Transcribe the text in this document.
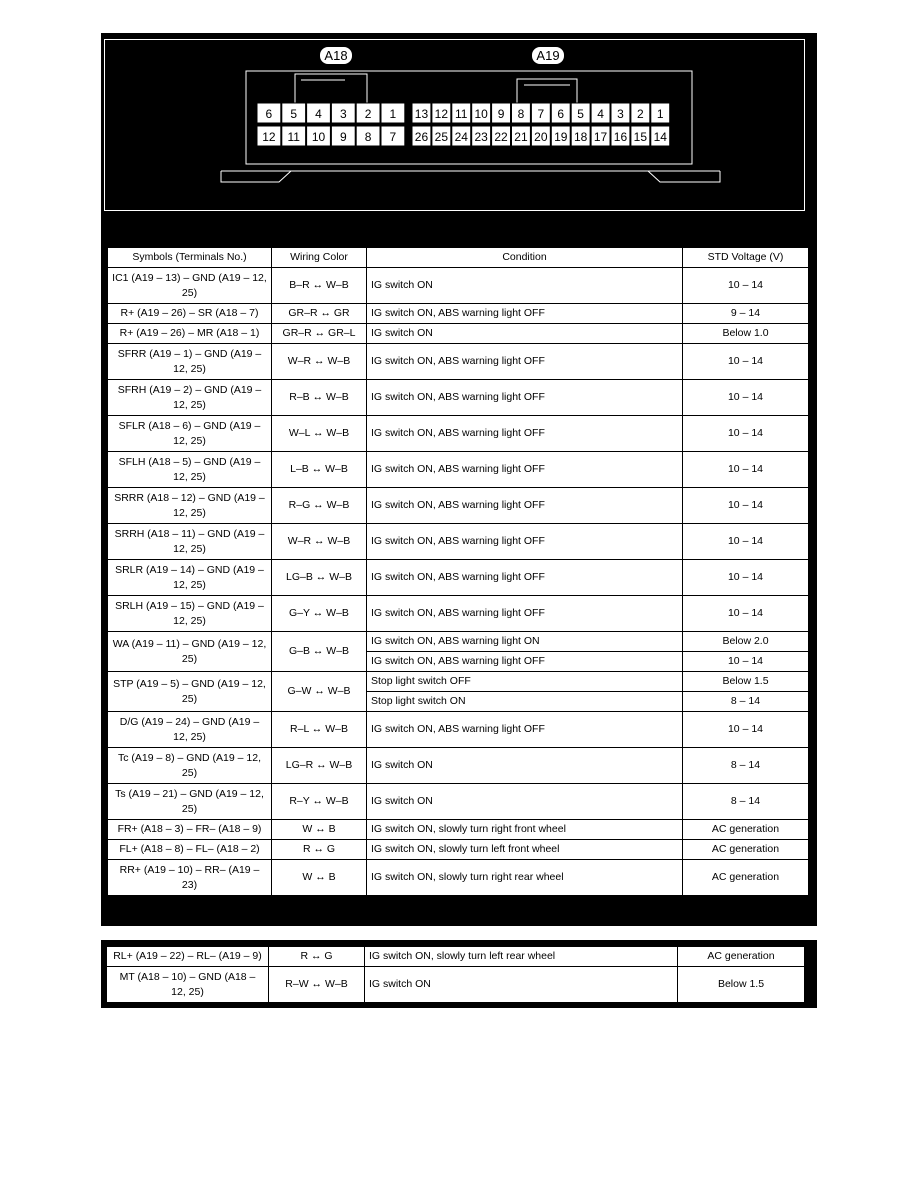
A18	A19
6 5 4 3 2 1
12 11 10 9 8 7
13 12 11 10 9 8 7 6 5 4 3 2 1
26 25 24 23 22 21 20 19 18 17 16 15 14
Symbols (Terminals No.)	Wiring Color	Condition	STD Voltage (V)
IC1 (A19 – 13) – GND (A19 – 12, 25)	B–R ↔ W–B	IG switch ON	10 – 14
R+ (A19 – 26) – SR (A18 – 7)	GR–R ↔ GR	IG switch ON, ABS warning light OFF	9 – 14
R+ (A19 – 26) – MR (A18 – 1)	GR–R ↔ GR–L	IG switch ON	Below 1.0
SFRR (A19 – 1) – GND (A19 – 12, 25)	W–R ↔ W–B	IG switch ON, ABS warning light OFF	10 – 14
SFRH (A19 – 2) – GND (A19 – 12, 25)	R–B ↔ W–B	IG switch ON, ABS warning light OFF	10 – 14
SFLR (A18 – 6) – GND (A19 – 12, 25)	W–L ↔ W–B	IG switch ON, ABS warning light OFF	10 – 14
SFLH (A18 – 5) – GND (A19 – 12, 25)	L–B ↔ W–B	IG switch ON, ABS warning light OFF	10 – 14
SRRR (A18 – 12) – GND (A19 – 12, 25)	R–G ↔ W–B	IG switch ON, ABS warning light OFF	10 – 14
SRRH (A18 – 11) – GND (A19 – 12, 25)	W–R ↔ W–B	IG switch ON, ABS warning light OFF	10 – 14
SRLR (A19 – 14) – GND (A19 – 12, 25)	LG–B ↔ W–B	IG switch ON, ABS warning light OFF	10 – 14
SRLH (A19 – 15) – GND (A19 – 12, 25)	G–Y ↔ W–B	IG switch ON, ABS warning light OFF	10 – 14
WA (A19 – 11) – GND (A19 – 12, 25)	G–B ↔ W–B	IG switch ON, ABS warning light ON	Below 2.0
		IG switch ON, ABS warning light OFF	10 – 14
STP (A19 – 5) – GND (A19 – 12, 25)	G–W ↔ W–B	Stop light switch OFF	Below 1.5
		Stop light switch ON	8 – 14
D/G (A19 – 24) – GND (A19 – 12, 25)	R–L ↔ W–B	IG switch ON, ABS warning light OFF	10 – 14
Tc (A19 – 8) – GND (A19 – 12, 25)	LG–R ↔ W–B	IG switch ON	8 – 14
Ts (A19 – 21) – GND (A19 – 12, 25)	R–Y ↔ W–B	IG switch ON	8 – 14
FR+ (A18 – 3) – FR– (A18 – 9)	W ↔ B	IG switch ON, slowly turn right front wheel	AC generation
FL+ (A18 – 8) – FL– (A18 – 2)	R ↔ G	IG switch ON, slowly turn left front wheel	AC generation
RR+ (A19 – 10) – RR– (A19 – 23)	W ↔ B	IG switch ON, slowly turn right rear wheel	AC generation
RL+ (A19 – 22) – RL– (A19 – 9)	R ↔ G	IG switch ON, slowly turn left rear wheel	AC generation
MT (A18 – 10) – GND (A18 – 12, 25)	R–W ↔ W–B	IG switch ON	Below 1.5
